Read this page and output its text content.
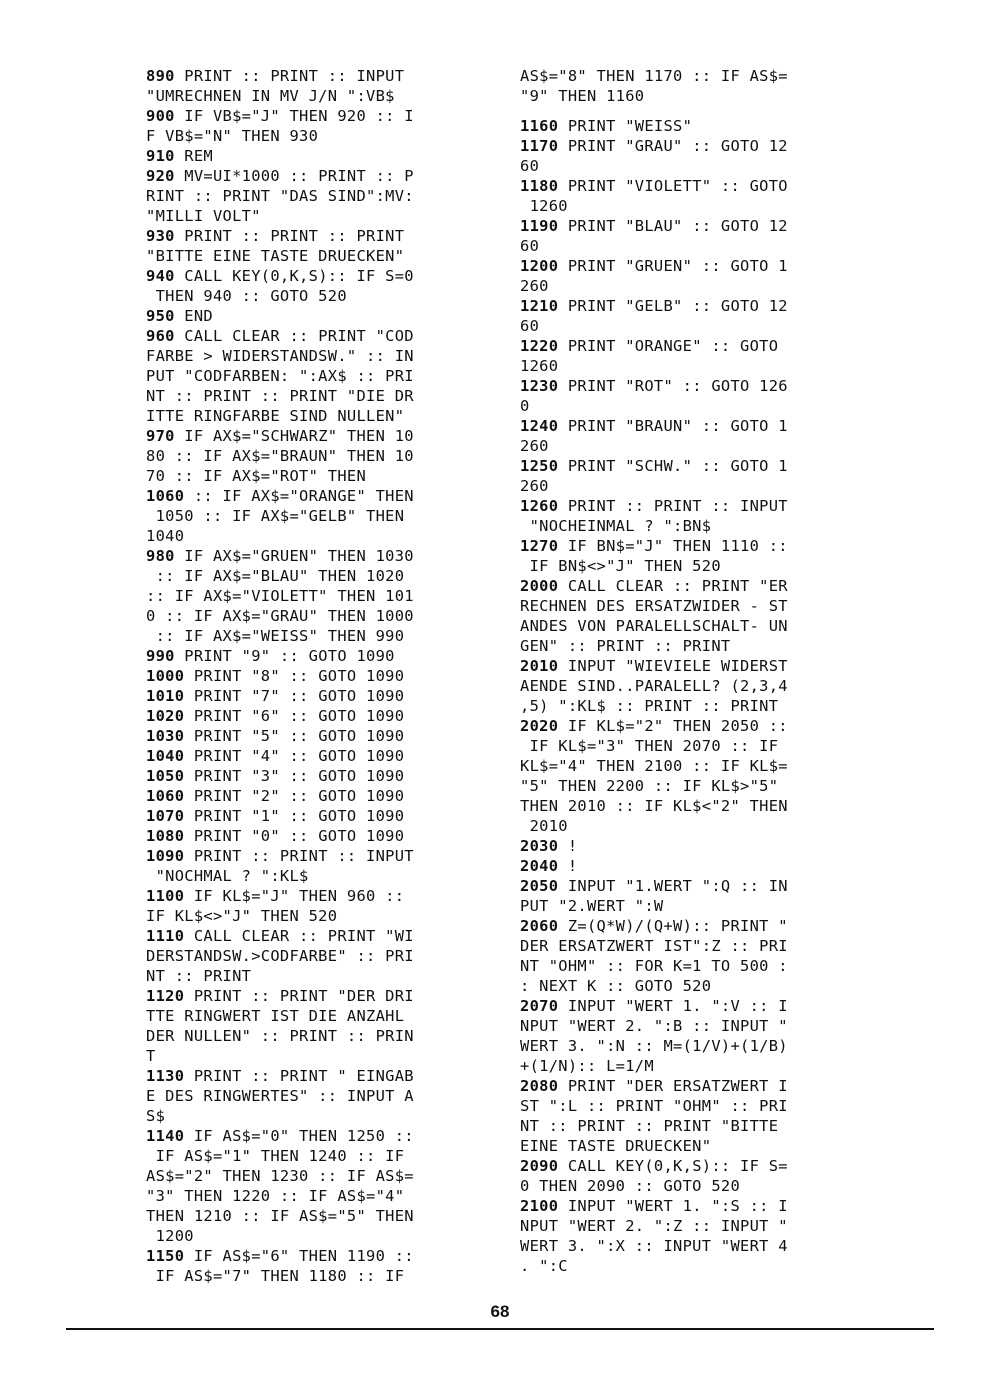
890 PRINT :: PRINT :: INPUT
"UMRECHNEN IN MV J/N ":VB$
900 IF VB$="J" THEN 920 :: I
F VB$="N" THEN 930
910 REM
920 MV=UI*1000 :: PRINT :: P
RINT :: PRINT "DAS SIND":MV:
"MILLI VOLT"
930 PRINT :: PRINT :: PRINT
"BITTE EINE TASTE DRUECKEN"
940 CALL KEY(0,K,S):: IF S=0
THEN 940 :: GOTO 520
950 END
960 CALL CLEAR :: PRINT "COD
FARBE > WIDERSTANDSW." :: IN
PUT "CODFARBEN: ":AX$ :: PRI
NT :: PRINT :: PRINT "DIE DR
ITTE RINGFARBE SIND NULLEN"
970 IF AX$="SCHWARZ" THEN 10
80 :: IF AX$="BRAUN" THEN 10
70 :: IF AX$="ROT" THEN
1060 :: IF AX$="ORANGE" THEN
1050 :: IF AX$="GELB" THEN
1040
980 IF AX$="GRUEN" THEN 1030
:: IF AX$="BLAU" THEN 1020
:: IF AX$="VIOLETT" THEN 101
0 :: IF AX$="GRAU" THEN 1000
:: IF AX$="WEISS" THEN 990
990 PRINT "9" :: GOTO 1090
1000 PRINT "8" :: GOTO 1090
1010 PRINT "7" :: GOTO 1090
1020 PRINT "6" :: GOTO 1090
1030 PRINT "5" :: GOTO 1090
1040 PRINT "4" :: GOTO 1090
1050 PRINT "3" :: GOTO 1090
1060 PRINT "2" :: GOTO 1090
1070 PRINT "1" :: GOTO 1090
1080 PRINT "0" :: GOTO 1090
1090 PRINT :: PRINT :: INPUT
"NOCHMAL ? ":KL$
1100 IF KL$="J" THEN 960 ::
IF KL$<>"J" THEN 520
1110 CALL CLEAR :: PRINT "WI
DERSTANDSW.>CODFARBE" :: PRI
NT :: PRINT
1120 PRINT :: PRINT "DER DRI
TTE RINGWERT IST DIE ANZAHL
DER NULLEN" :: PRINT :: PRIN
T
1130 PRINT :: PRINT " EINGAB
E DES RINGWERTES" :: INPUT A
S$
1140 IF AS$="0" THEN 1250 ::
IF AS$="1" THEN 1240 :: IF
AS$="2" THEN 1230 :: IF AS$=
"3" THEN 1220 :: IF AS$="4"
THEN 1210 :: IF AS$="5" THEN
1200
1150 IF AS$="6" THEN 1190 ::
IF AS$="7" THEN 1180 :: IF
AS$="8" THEN 1170 :: IF AS$=
"9" THEN 1160
1160 PRINT "WEISS"
1170 PRINT "GRAU" :: GOTO 12
60
1180 PRINT "VIOLETT" :: GOTO
1260
1190 PRINT "BLAU" :: GOTO 12
60
1200 PRINT "GRUEN" :: GOTO 1
260
1210 PRINT "GELB" :: GOTO 12
60
1220 PRINT "ORANGE" :: GOTO
1260
1230 PRINT "ROT" :: GOTO 126
0
1240 PRINT "BRAUN" :: GOTO 1
260
1250 PRINT "SCHW." :: GOTO 1
260
1260 PRINT :: PRINT :: INPUT
"NOCHEINMAL ? ":BN$
1270 IF BN$="J" THEN 1110 ::
IF BN$<>"J" THEN 520
2000 CALL CLEAR :: PRINT "ER
RECHNEN DES ERSATZWIDER - ST
ANDES VON PARALELLSCHALT- UN
GEN" :: PRINT :: PRINT
2010 INPUT "WIEVIELE WIDERST
AENDE SIND..PARALELL? (2,3,4
,5) ":KL$ :: PRINT :: PRINT
2020 IF KL$="2" THEN 2050 ::
IF KL$="3" THEN 2070 :: IF
KL$="4" THEN 2100 :: IF KL$=
"5" THEN 2200 :: IF KL$>"5"
THEN 2010 :: IF KL$<"2" THEN
2010
2030 !
2040 !
2050 INPUT "1.WERT ":Q :: IN
PUT "2.WERT ":W
2060 Z=(Q*W)/(Q+W):: PRINT "
DER ERSATZWERT IST":Z :: PRI
NT "OHM" :: FOR K=1 TO 500 :
: NEXT K :: GOTO 520
2070 INPUT "WERT 1. ":V :: I
NPUT "WERT 2. ":B :: INPUT "
WERT 3. ":N :: M=(1/V)+(1/B)
+(1/N):: L=1/M
2080 PRINT "DER ERSATZWERT I
ST ":L :: PRINT "OHM" :: PRI
NT :: PRINT :: PRINT "BITTE
EINE TASTE DRUECKEN"
2090 CALL KEY(0,K,S):: IF S=
0 THEN 2090 :: GOTO 520
2100 INPUT "WERT 1. ":S :: I
NPUT "WERT 2. ":Z :: INPUT "
WERT 3. ":X :: INPUT "WERT 4
. ":C
68
